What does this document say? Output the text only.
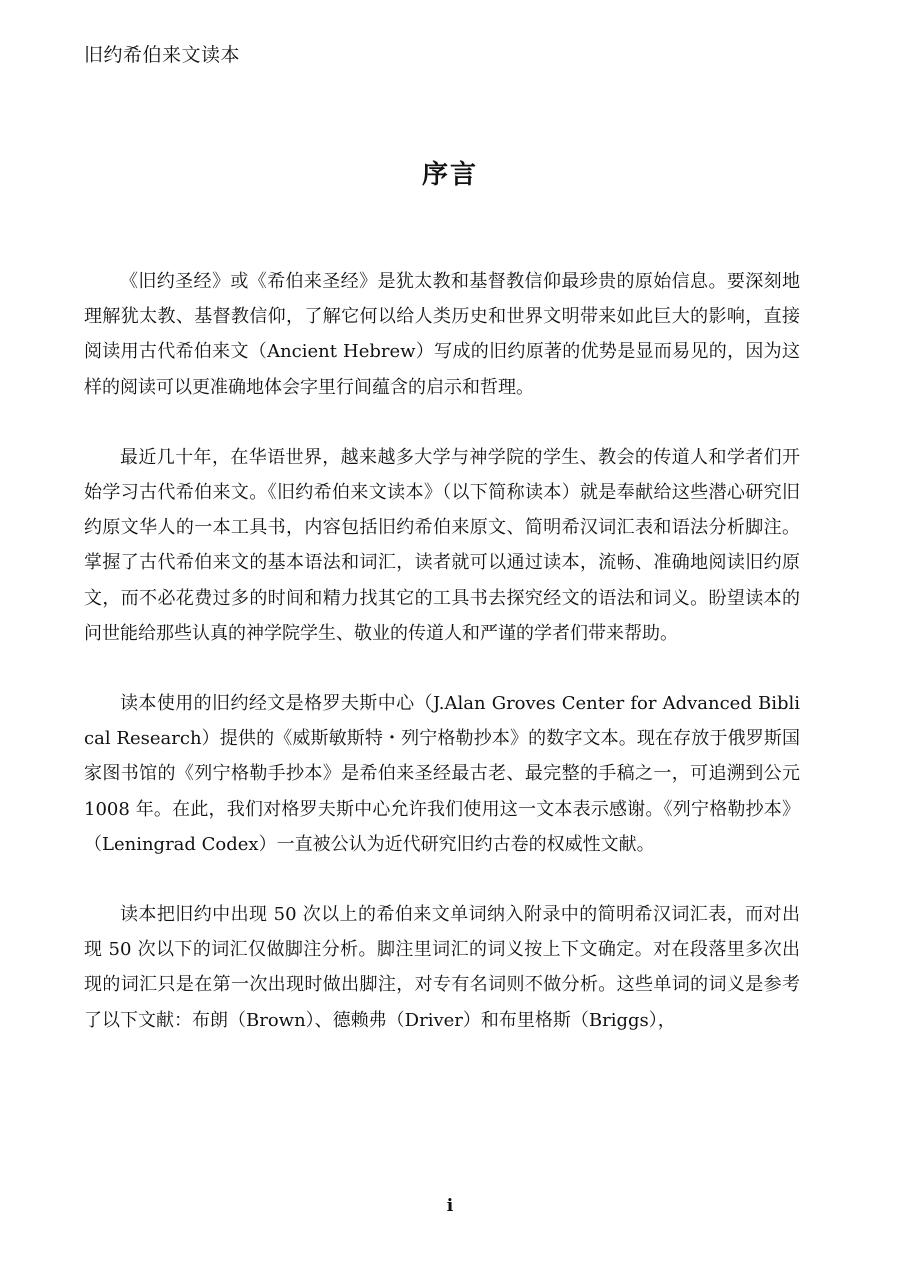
旧约希伯来文读本
序言

《旧约圣经》或《希伯来圣经》是犹太教和基督教信仰最珍贵的原始信息。要深刻地理解犹太教、基督教信仰，了解它何以给人类历史和世界文明带来如此巨大的影响，直接阅读用古代希伯来文（Ancient Hebrew）写成的旧约原著的优势是显而易见的，因为这样的阅读可以更准确地体会字里行间蕴含的启示和哲理。

最近几十年，在华语世界，越来越多大学与神学院的学生、教会的传道人和学者们开始学习古代希伯来文。《旧约希伯来文读本》（以下简称读本）就是奉献给这些潜心研究旧约原文华人的一本工具书，内容包括旧约希伯来原文、简明希汉词汇表和语法分析脚注。掌握了古代希伯来文的基本语法和词汇，读者就可以通过读本，流畅、准确地阅读旧约原文，而不必花费过多的时间和精力找其它的工具书去探究经文的语法和词义。盼望读本的问世能给那些认真的神学院学生、敬业的传道人和严谨的学者们带来帮助。

读本使用的旧约经文是格罗夫斯中心（J.Alan Groves Center for Advanced Biblical Research）提供的《威斯敏斯特・列宁格勒抄本》的数字文本。现在存放于俄罗斯国家图书馆的《列宁格勒手抄本》是希伯来圣经最古老、最完整的手稿之一，可追溯到公元 1008 年。在此，我们对格罗夫斯中心允许我们使用这一文本表示感谢。《列宁格勒抄本》（Leningrad Codex）一直被公认为近代研究旧约古卷的权威性文献。

读本把旧约中出现 50 次以上的希伯来文单词纳入附录中的简明希汉词汇表，而对出现 50 次以下的词汇仅做脚注分析。脚注里词汇的词义按上下文确定。对在段落里多次出现的词汇只是在第一次出现时做出脚注，对专有名词则不做分析。这些单词的词义是参考了以下文献：布朗（Brown）、德赖弗（Driver）和布里格斯（Briggs），

i
